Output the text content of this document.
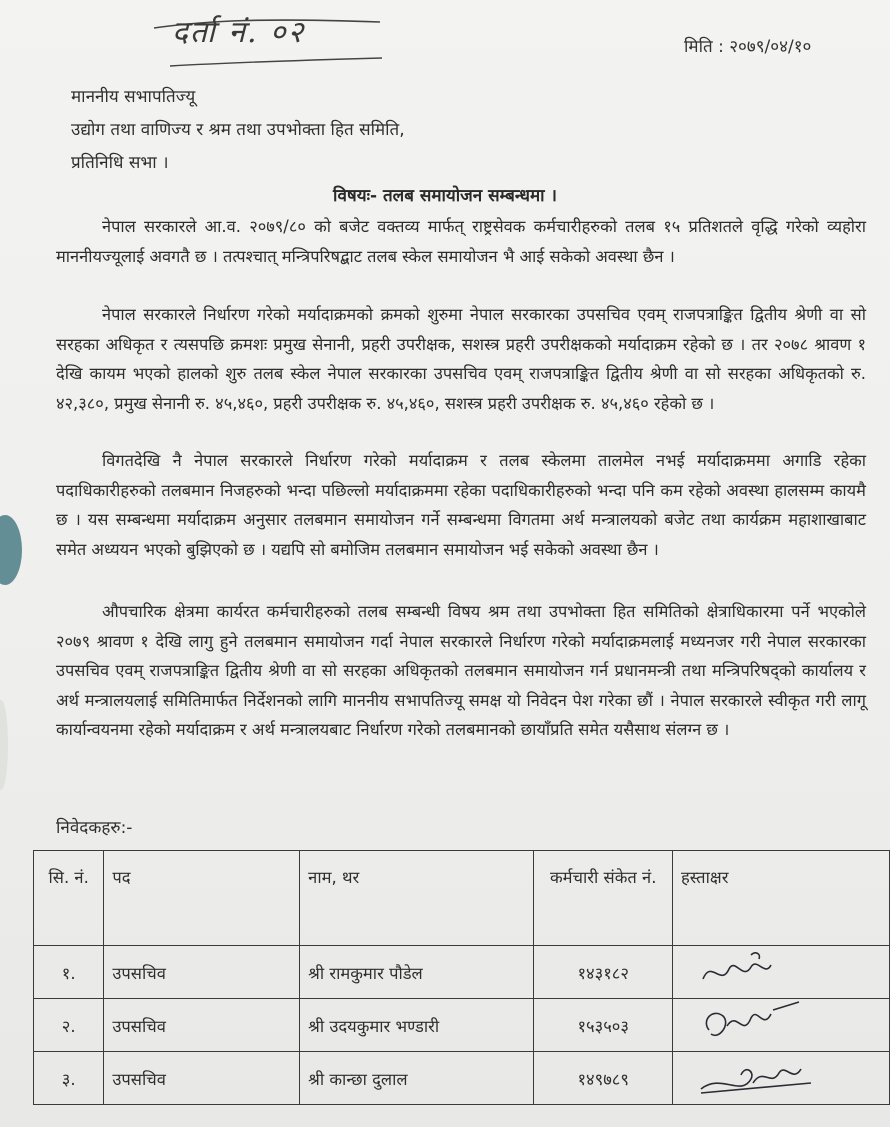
दर्ता नं. ०२	मिति : २०७९/०४/१०
माननीय सभापतिज्यू
उद्योग तथा वाणिज्य र श्रम तथा उपभोक्ता हित समिति,
प्रतिनिधि सभा ।
विषयः- तलब समायोजन सम्बन्धमा ।
नेपाल सरकारले आ.व. २०७९/८० को बजेट वक्तव्य मार्फत् राष्ट्रसेवक कर्मचारीहरुको तलब १५ प्रतिशतले वृद्धि गरेको व्यहोरा माननीयज्यूलाई अवगतै छ । तत्पश्चात् मन्त्रिपरिषद्बाट तलब स्केल समायोजन भै आई सकेको अवस्था छैन ।
नेपाल सरकारले निर्धारण गरेको मर्यादाक्रमको क्रमको शुरुमा नेपाल सरकारका उपसचिव एवम् राजपत्राङ्कित द्वितीय श्रेणी वा सो सरहका अधिकृत र त्यसपछि क्रमशः प्रमुख सेनानी, प्रहरी उपरीक्षक, सशस्त्र प्रहरी उपरीक्षकको मर्यादाक्रम रहेको छ । तर २०७८ श्रावण १ देखि कायम भएको हालको शुरु तलब स्केल नेपाल सरकारका उपसचिव एवम् राजपत्राङ्कित द्वितीय श्रेणी वा सो सरहका अधिकृतको रु. ४२,३८०, प्रमुख सेनानी रु. ४५,४६०, प्रहरी उपरीक्षक रु. ४५,४६०, सशस्त्र प्रहरी उपरीक्षक रु. ४५,४६० रहेको छ ।
विगतदेखि नै नेपाल सरकारले निर्धारण गरेको मर्यादाक्रम र तलब स्केलमा तालमेल नभई मर्यादाक्रममा अगाडि रहेका पदाधिकारीहरुको तलबमान निजहरुको भन्दा पछिल्लो मर्यादाक्रममा रहेका पदाधिकारीहरुको भन्दा पनि कम रहेको अवस्था हालसम्म कायमै छ । यस सम्बन्धमा मर्यादाक्रम अनुसार तलबमान समायोजन गर्ने सम्बन्धमा विगतमा अर्थ मन्त्रालयको बजेट तथा कार्यक्रम महाशाखाबाट समेत अध्ययन भएको बुझिएको छ । यद्यपि सो बमोजिम तलबमान समायोजन भई सकेको अवस्था छैन ।
औपचारिक क्षेत्रमा कार्यरत कर्मचारीहरुको तलब सम्बन्धी विषय श्रम तथा उपभोक्ता हित समितिको क्षेत्राधिकारमा पर्ने भएकोले २०७९ श्रावण १ देखि लागु हुने तलबमान समायोजन गर्दा नेपाल सरकारले निर्धारण गरेको मर्यादाक्रमलाई मध्यनजर गरी नेपाल सरकारका उपसचिव एवम् राजपत्राङ्कित द्वितीय श्रेणी वा सो सरहका अधिकृतको तलबमान समायोजन गर्न प्रधानमन्त्री तथा मन्त्रिपरिषद्को कार्यालय र अर्थ मन्त्रालयलाई समितिमार्फत निर्देशनको लागि माननीय सभापतिज्यू समक्ष यो निवेदन पेश गरेका छौं । नेपाल सरकारले स्वीकृत गरी लागू कार्यान्वयनमा रहेको मर्यादाक्रम र अर्थ मन्त्रालयबाट निर्धारण गरेको तलबमानको छायाँप्रति समेत यसैसाथ संलग्न छ ।
निवेदकहरु:-
सि. नं.	पद	नाम, थर	कर्मचारी संकेत नं.	हस्ताक्षर
१.	उपसचिव	श्री रामकुमार पौडेल	१४३१८२	

२.	उपसचिव	श्री उदयकुमार भण्डारी	१५३५०३	

३.	उपसचिव	श्री कान्छा दुलाल	१४९७८९	
